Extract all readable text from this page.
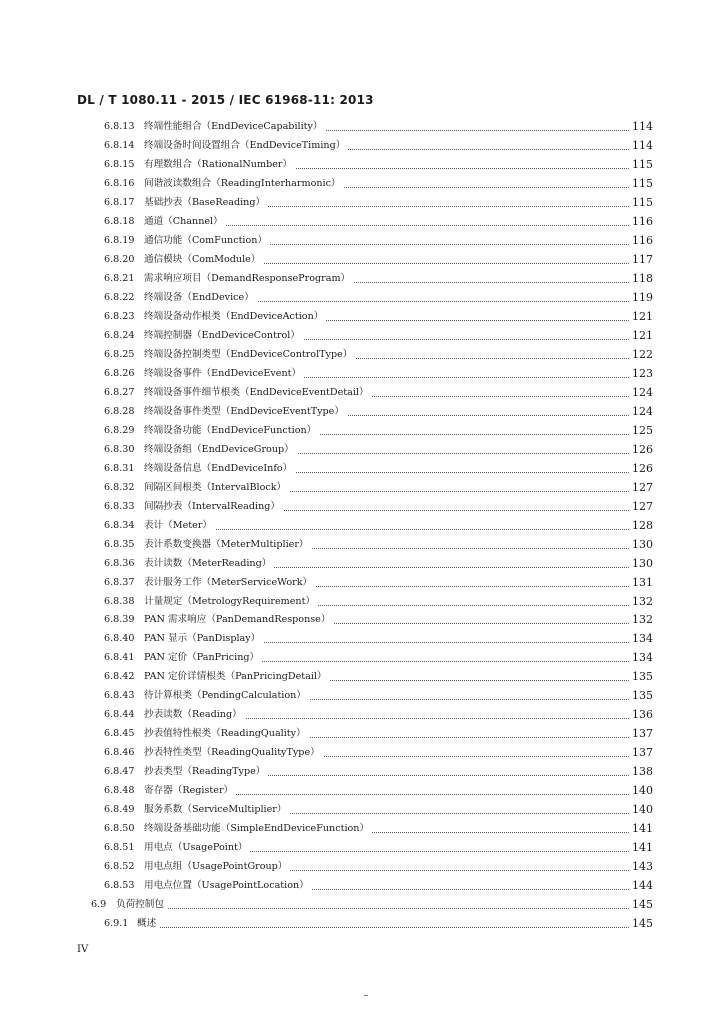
DL / T 1080.11 - 2015 / IEC 61968-11: 2013
6.8.13 终端性能组合（EndDeviceCapability）	114
6.8.14 终端设备时间设置组合（EndDeviceTiming）	114
6.8.15 有理数组合（RationalNumber）	115
6.8.16 间谐波读数组合（ReadingInterharmonic）	115
6.8.17 基础抄表（BaseReading）	115
6.8.18 通道（Channel）	116
6.8.19 通信功能（ComFunction）	116
6.8.20 通信模块（ComModule）	117
6.8.21 需求响应项目（DemandResponseProgram）	118
6.8.22 终端设备（EndDevice）	119
6.8.23 终端设备动作根类（EndDeviceAction）	121
6.8.24 终端控制器（EndDeviceControl）	121
6.8.25 终端设备控制类型（EndDeviceControlType）	122
6.8.26 终端设备事件（EndDeviceEvent）	123
6.8.27 终端设备事件细节根类（EndDeviceEventDetail）	124
6.8.28 终端设备事件类型（EndDeviceEventType）	124
6.8.29 终端设备功能（EndDeviceFunction）	125
6.8.30 终端设备组（EndDeviceGroup）	126
6.8.31 终端设备信息（EndDeviceInfo）	126
6.8.32 间隔区间根类（IntervalBlock）	127
6.8.33 间隔抄表（IntervalReading）	127
6.8.34 表计（Meter）	128
6.8.35 表计系数变换器（MeterMultiplier）	130
6.8.36 表计读数（MeterReading）	130
6.8.37 表计服务工作（MeterServiceWork）	131
6.8.38 计量规定（MetrologyRequirement）	132
6.8.39 PAN 需求响应（PanDemandResponse）	132
6.8.40 PAN 显示（PanDisplay）	134
6.8.41 PAN 定价（PanPricing）	134
6.8.42 PAN 定价详情根类（PanPricingDetail）	135
6.8.43 待计算根类（PendingCalculation）	135
6.8.44 抄表读数（Reading）	136
6.8.45 抄表值特性根类（ReadingQuality）	137
6.8.46 抄表特性类型（ReadingQualityType）	137
6.8.47 抄表类型（ReadingType）	138
6.8.48 寄存器（Register）	140
6.8.49 服务系数（ServiceMultiplier）	140
6.8.50 终端设备基础功能（SimpleEndDeviceFunction）	141
6.8.51 用电点（UsagePoint）	141
6.8.52 用电点组（UsagePointGroup）	143
6.8.53 用电点位置（UsagePointLocation）	144
6.9 负荷控制包	145
6.9.1 概述	145
IV
